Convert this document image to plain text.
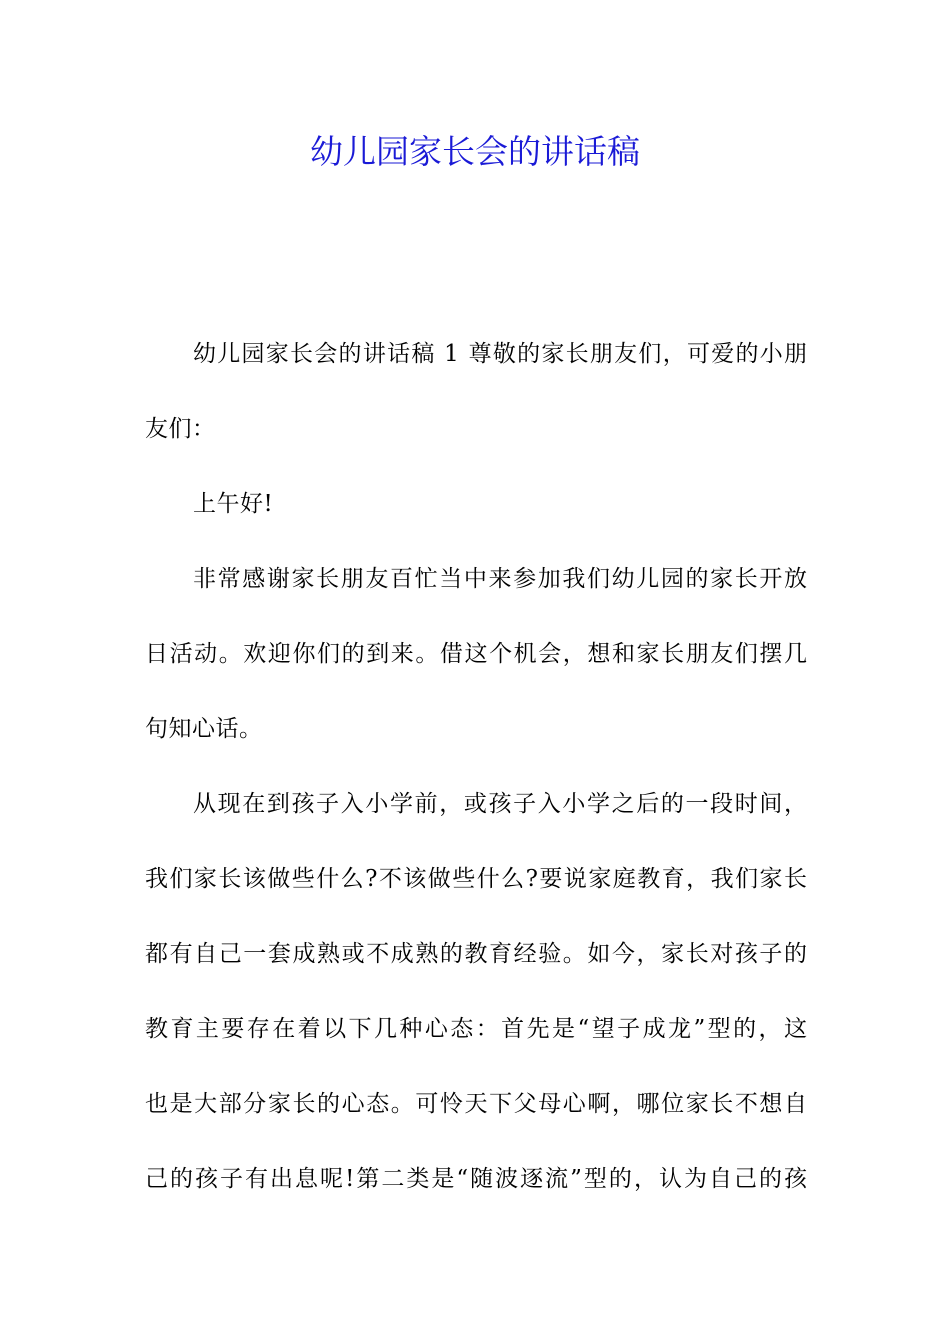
幼儿园家长会的讲话稿
幼儿园家长会的讲话稿 1 尊敬的家长朋友们，可爱的小朋
友们：
上午好!
非常感谢家长朋友百忙当中来参加我们幼儿园的家长开放
日活动。欢迎你们的到来。借这个机会，想和家长朋友们摆几
句知心话。
从现在到孩子入小学前，或孩子入小学之后的一段时间，
我们家长该做些什么?不该做些什么?要说家庭教育，我们家长
都有自己一套成熟或不成熟的教育经验。如今，家长对孩子的
教育主要存在着以下几种心态：首先是“望子成龙”型的，这
也是大部分家长的心态。可怜天下父母心啊，哪位家长不想自
己的孩子有出息呢!第二类是“随波逐流”型的，认为自己的孩
